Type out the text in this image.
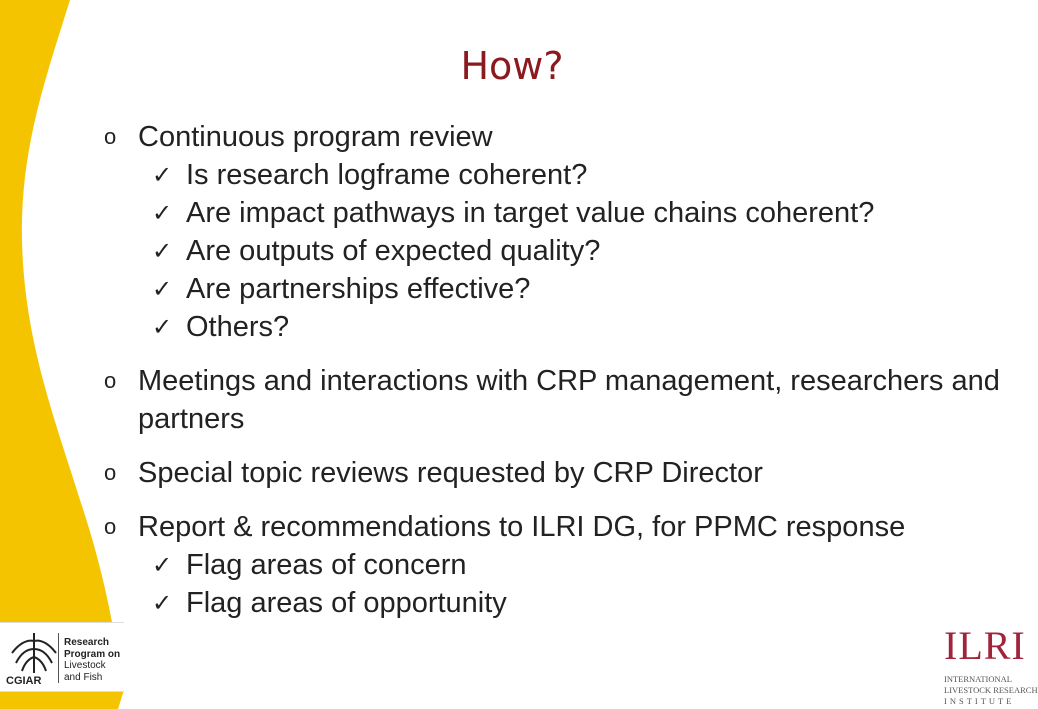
How?
o Continuous program review
✓ Is research logframe coherent?
✓ Are impact pathways in target value chains coherent?
✓ Are outputs of expected quality?
✓ Are partnerships effective?
✓ Others?
o Meetings and interactions with CRP management, researchers and partners
o Special topic reviews requested by CRP Director
o Report & recommendations to ILRI DG, for PPMC response
✓ Flag areas of concern
✓ Flag areas of opportunity
CGIAR
Research
Program on
Livestock
and Fish
ILRI
INTERNATIONAL
LIVESTOCK RESEARCH
INSTITUTE
